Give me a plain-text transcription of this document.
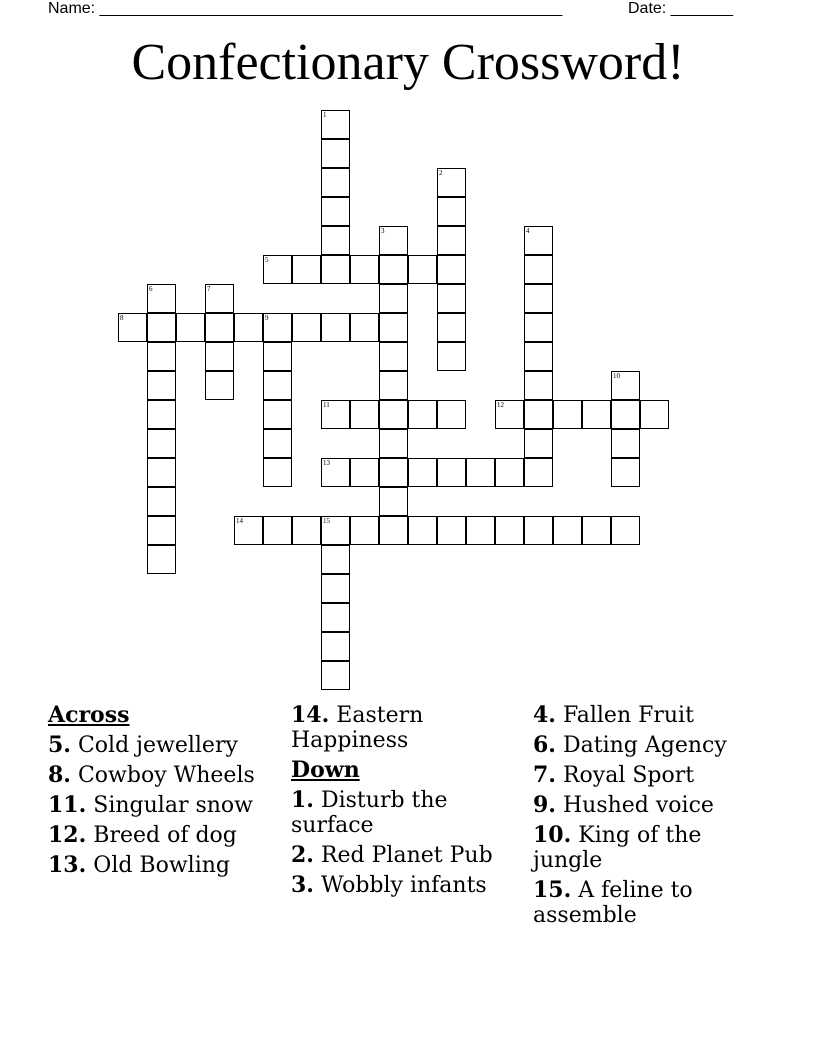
Name: ____________________________________________________	Date: _______
Confectionary Crossword!
1
2
3	4
5
6	7
8	9
10
11	12
13
14	15
Across
5. Cold jewellery
8. Cowboy Wheels
11. Singular snow
12. Breed of dog
13. Old Bowling
14. Eastern Happiness
Down
1. Disturb the surface
2. Red Planet Pub
3. Wobbly infants
4. Fallen Fruit
6. Dating Agency
7. Royal Sport
9. Hushed voice
10. King of the jungle
15. A feline to assemble
